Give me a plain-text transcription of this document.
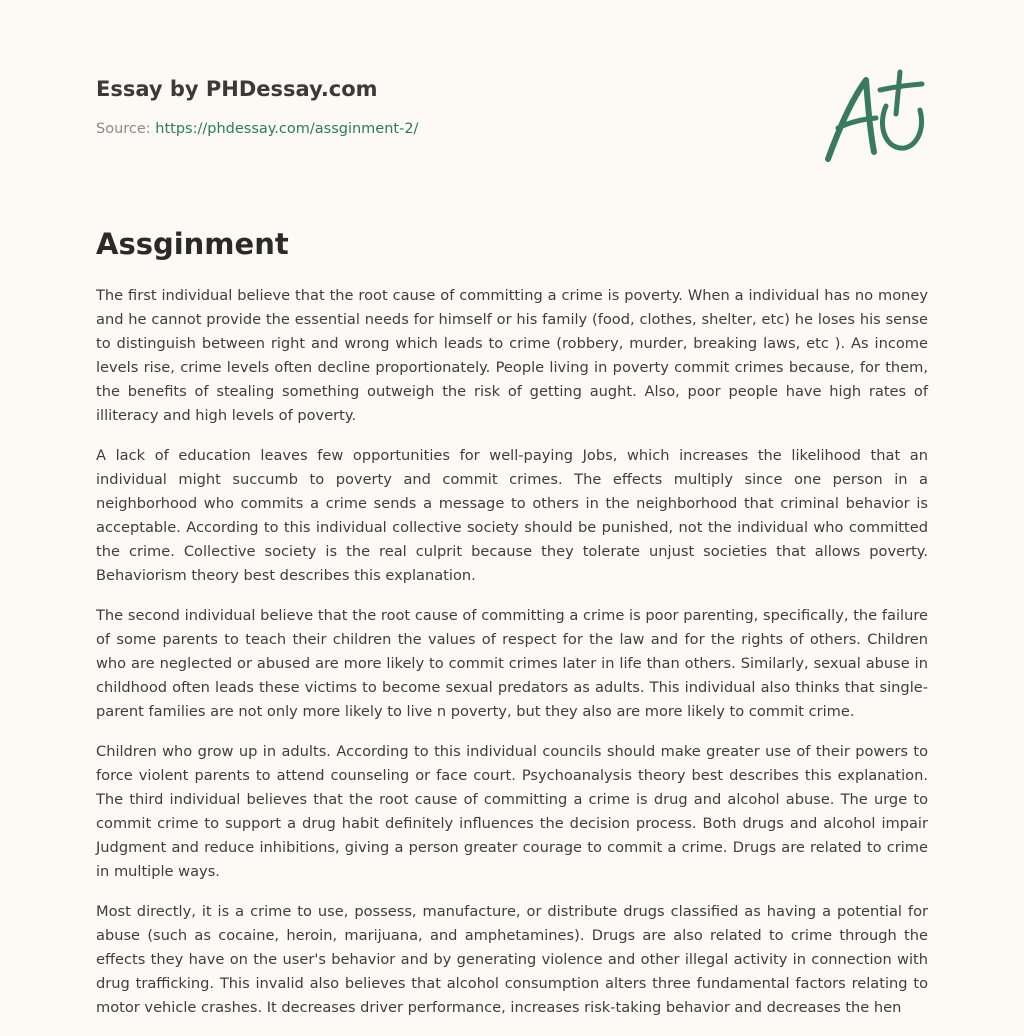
Essay by PHDessay.com
Source: https://phdessay.com/assginment-2/
Assginment

The first individual believe that the root cause of committing a crime is poverty. When a individual has no money and he cannot provide the essential needs for himself or his family (food, clothes, shelter, etc) he loses his sense to distinguish between right and wrong which leads to crime (robbery, murder, breaking laws, etc ). As income levels rise, crime levels often decline proportionately. People living in poverty commit crimes because, for them, the benefits of stealing something outweigh the risk of getting aught. Also, poor people have high rates of illiteracy and high levels of poverty.

A lack of education leaves few opportunities for well-paying Jobs, which increases the likelihood that an individual might succumb to poverty and commit crimes. The effects multiply since one person in a neighborhood who commits a crime sends a message to others in the neighborhood that criminal behavior is acceptable. According to this individual collective society should be punished, not the individual who committed the crime. Collective society is the real culprit because they tolerate unjust societies that allows poverty. Behaviorism theory best describes this explanation.

The second individual believe that the root cause of committing a crime is poor parenting, specifically, the failure of some parents to teach their children the values of respect for the law and for the rights of others. Children who are neglected or abused are more likely to commit crimes later in life than others. Similarly, sexual abuse in childhood often leads these victims to become sexual predators as adults. This individual also thinks that single-parent families are not only more likely to live n poverty, but they also are more likely to commit crime.

Children who grow up in adults. According to this individual councils should make greater use of their powers to force violent parents to attend counseling or face court. Psychoanalysis theory best describes this explanation. The third individual believes that the root cause of committing a crime is drug and alcohol abuse. The urge to commit crime to support a drug habit definitely influences the decision process. Both drugs and alcohol impair Judgment and reduce inhibitions, giving a person greater courage to commit a crime. Drugs are related to crime in multiple ways.

Most directly, it is a crime to use, possess, manufacture, or distribute drugs classified as having a potential for abuse (such as cocaine, heroin, marijuana, and amphetamines). Drugs are also related to crime through the effects they have on the user's behavior and by generating violence and other illegal activity in connection with drug trafficking. This invalid also believes that alcohol consumption alters three fundamental factors relating to motor vehicle crashes. It decreases driver performance, increases risk-taking behavior and decreases the hen
